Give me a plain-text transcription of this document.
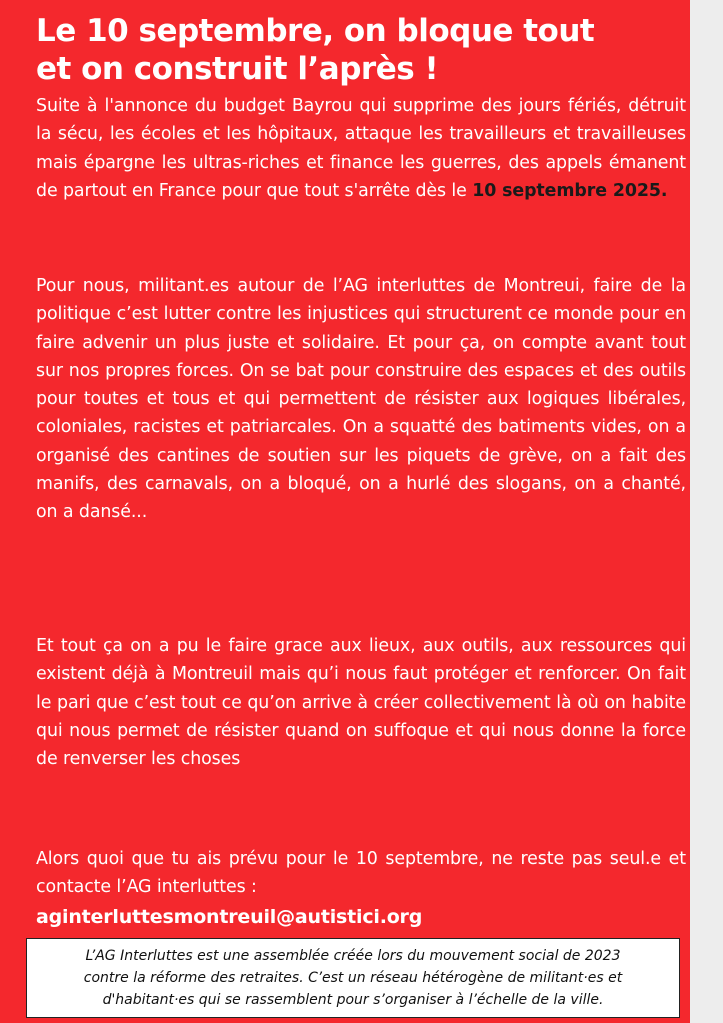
Le 10 septembre, on bloque tout
et on construit l’après !

Suite à l'annonce du budget Bayrou qui supprime des jours fériés, détruit la sécu, les écoles et les hôpitaux, attaque les travailleurs et travailleuses mais épargne les ultras-riches et finance les guerres, des appels émanent de partout en France pour que tout s'arrête dès le 10 septembre 2025.

Pour nous, militant.es autour de l’AG interluttes de Montreui, faire de la politique c’est lutter contre les injustices qui structurent ce monde pour en faire advenir un plus juste et solidaire. Et pour ça, on compte avant tout sur nos propres forces. On se bat pour construire des espaces et des outils pour toutes et tous et qui permettent de résister aux logiques libérales, coloniales, racistes et patriarcales. On a squatté des batiments vides, on a organisé des cantines de soutien sur les piquets de grève, on a fait des manifs, des carnavals, on a bloqué, on a hurlé des slogans, on a chanté, on a dansé...

Et tout ça on a pu le faire grace aux lieux, aux outils, aux ressources qui existent déjà à Montreuil mais qu’i nous faut protéger et renforcer. On fait le pari que c’est tout ce qu’on arrive à créer collectivement là où on habite qui nous permet de résister quand on suffoque et qui nous donne la force de renverser les choses

Alors quoi que tu ais prévu pour le 10 septembre, ne reste pas seul.e et contacte l’AG interluttes :

aginterluttesmontreuil@autistici.org

L’AG Interluttes est une assemblée créée lors du mouvement social de 2023
contre la réforme des retraites. C’est un réseau hétérogène de militant·es et
d'habitant·es qui se rassemblent pour s’organiser à l’échelle de la ville.
